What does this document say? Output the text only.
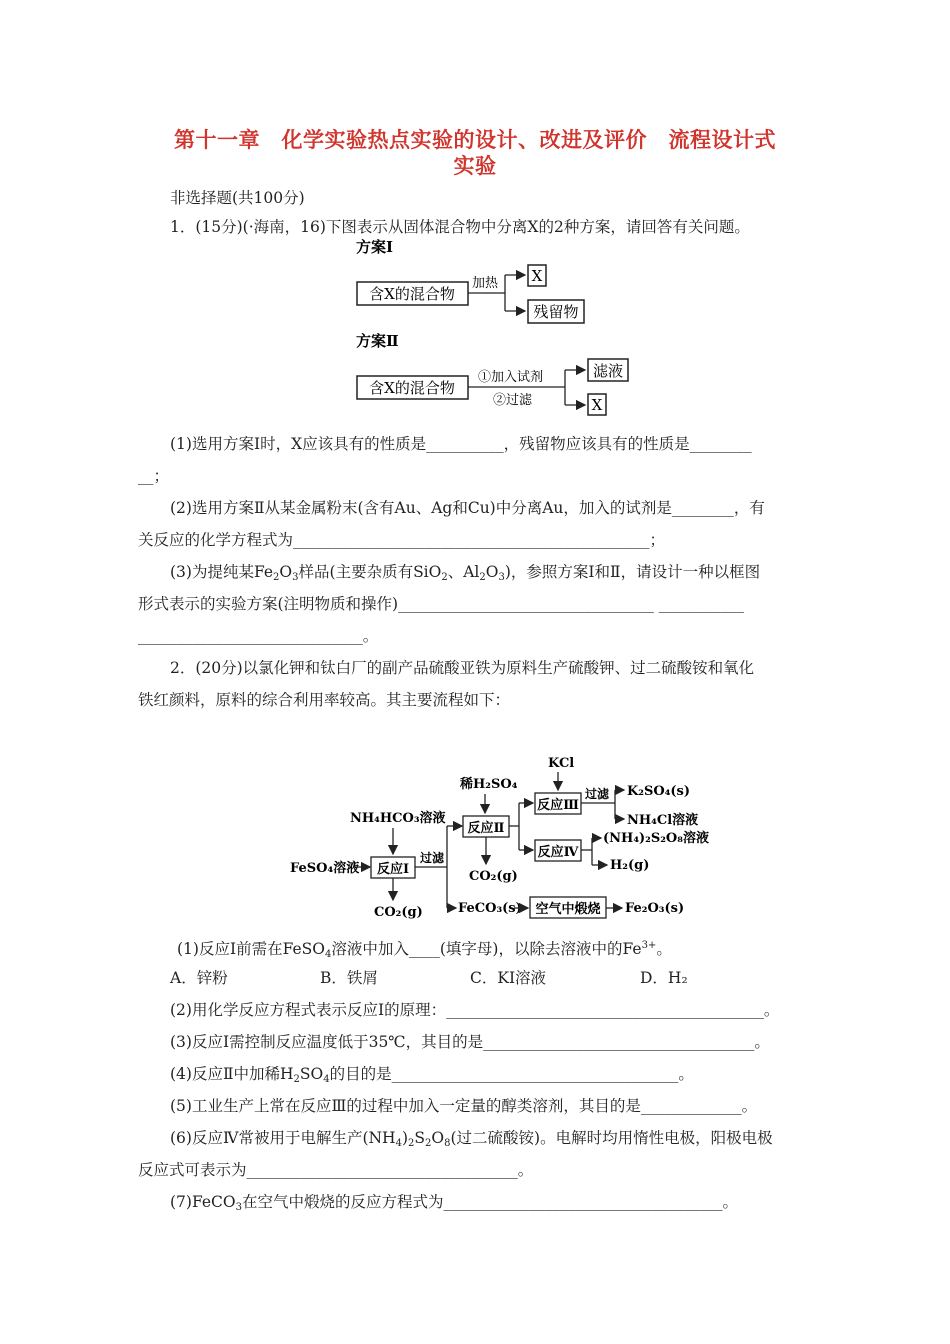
第十一章　化学实验热点实验的设计、改进及评价　流程设计式
实验
非选择题(共100分)
1．(15分)(·海南，16)下图表示从固体混合物中分离X的2种方案，请回答有关问题。
方案Ⅰ
含X的混合物
加热 X
残留物
方案Ⅱ
含X的混合物
①加入试剂
②过滤
滤液
X
(1)选用方案Ⅰ时，X应该具有的性质是__________，残留物应该具有的性质是________
__；
(2)选用方案Ⅱ从某金属粉末(含有Au、Ag和Cu)中分离Au，加入的试剂是________，有
关反应的化学方程式为______________________________________________；
(3)为提纯某$Fe_2O_3$样品(主要杂质有SiO$_2$、$Al_2O_3$)，参照方案Ⅰ和Ⅱ，请设计一种以框图
形式表示的实验方案(注明物质和操作)_________________________________ ___________
_____________________________。
2．(20分)以氯化钾和钛白厂的副产品硫酸亚铁为原料生产硫酸钾、过二硫酸铵和氧化
铁红颜料，原料的综合利用率较高。其主要流程如下：
FeSO₄溶液
NH₄HCO₃溶液
反应Ⅰ
CO₂(g)
过滤
稀H₂SO₄
反应Ⅱ
CO₂(g)
KCl
反应Ⅲ
过滤 K₂SO₄(s)
NH₄Cl溶液
反应Ⅳ
(NH₄)₂S₂O₈溶液
H₂(g)
FeCO₃(s) 空气中煅烧 Fe₂O₃(s)
(1)反应Ⅰ前需在FeSO$_4$溶液中加入____(填字母)，以除去溶液中的$Fe^{3+}$。
A．锌粉	B．铁屑	C．KI溶液	D．H₂
(2)用化学反应方程式表示反应Ⅰ的原理：_________________________________________。
(3)反应Ⅰ需控制反应温度低于35℃，其目的是___________________________________。
(4)反应Ⅱ中加稀$H_2SO_4$的目的是_____________________________________。
(5)工业生产上常在反应Ⅲ的过程中加入一定量的醇类溶剂，其目的是_____________。
(6)反应Ⅳ常被用于电解生产$(NH_4)_2S_2O_8$(过二硫酸铵)。电解时均用惰性电极，阳极电极
反应式可表示为___________________________________。
(7)FeCO$_3$在空气中煅烧的反应方程式为____________________________________。
